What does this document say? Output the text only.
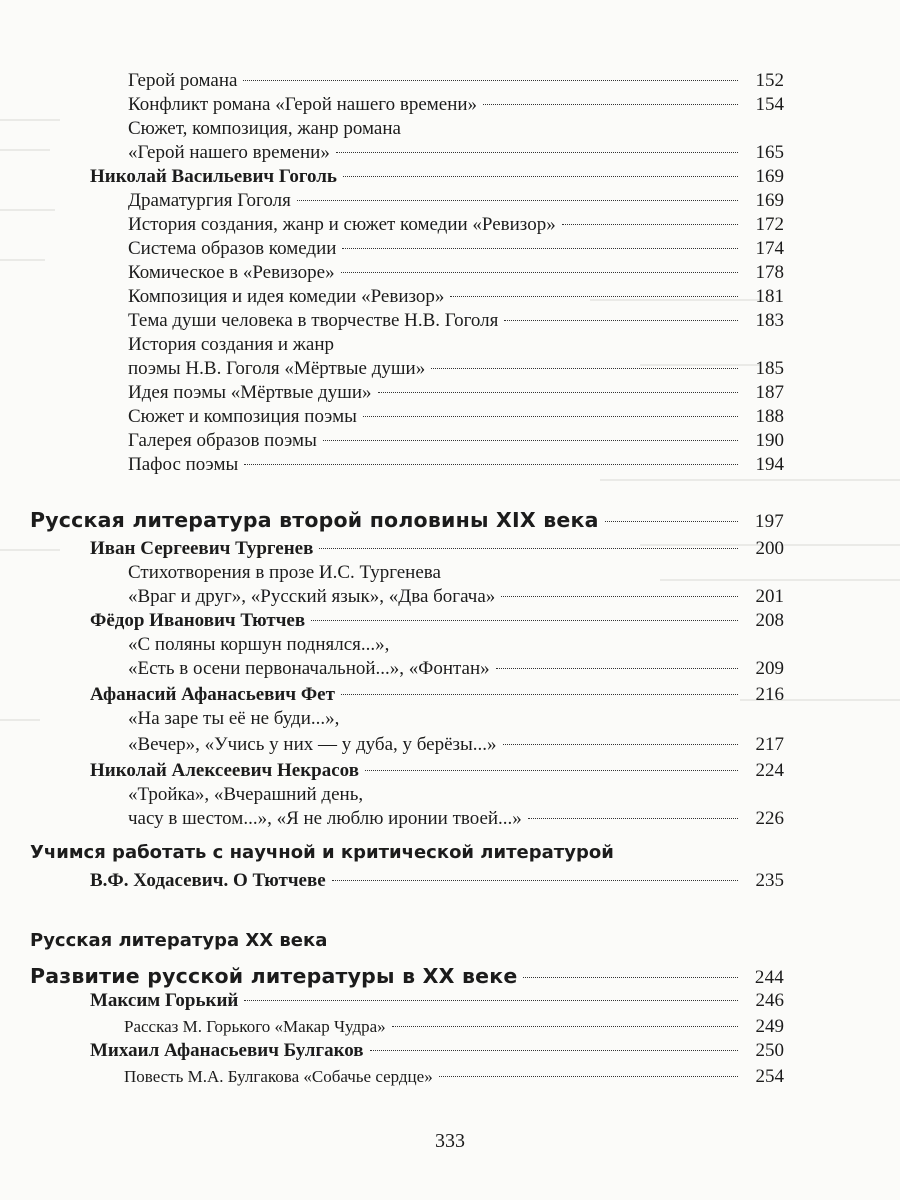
Герой романа	152
Конфликт романа «Герой нашего времени»	154
Сюжет, композиция, жанр романа
«Герой нашего времени»	165
Николай Васильевич Гоголь	169
Драматургия Гоголя	169
История создания, жанр и сюжет комедии «Ревизор»	172
Система образов комедии	174
Комическое в «Ревизоре»	178
Композиция и идея комедии «Ревизор»	181
Тема души человека в творчестве Н.В. Гоголя	183
История создания и жанр
поэмы Н.В. Гоголя «Мёртвые души»	185
Идея поэмы «Мёртвые души»	187
Сюжет и композиция поэмы	188
Галерея образов поэмы	190
Пафос поэмы	194
Русская литература второй половины XIX века	197
Иван Сергеевич Тургенев	200
Стихотворения в прозе И.С. Тургенева
«Враг и друг», «Русский язык», «Два богача»	201
Фёдор Иванович Тютчев	208
«С поляны коршун поднялся...»,
«Есть в осени первоначальной...», «Фонтан»	209
Афанасий Афанасьевич Фет	216
«На заре ты её не буди...»,
«Вечер», «Учись у них — у дуба, у берёзы...»	217
Николай Алексеевич Некрасов	224
«Тройка», «Вчерашний день,
часу в шестом...», «Я не люблю иронии твоей...»	226
Учимся работать с научной и критической литературой
В.Ф. Ходасевич. О Тютчеве	235
Русская литература XX века
Развитие русской литературы в XX веке	244
Максим Горький	246
Рассказ М. Горького «Макар Чудра»	249
Михаил Афанасьевич Булгаков	250
Повесть М.А. Булгакова «Собачье сердце»	254
333
